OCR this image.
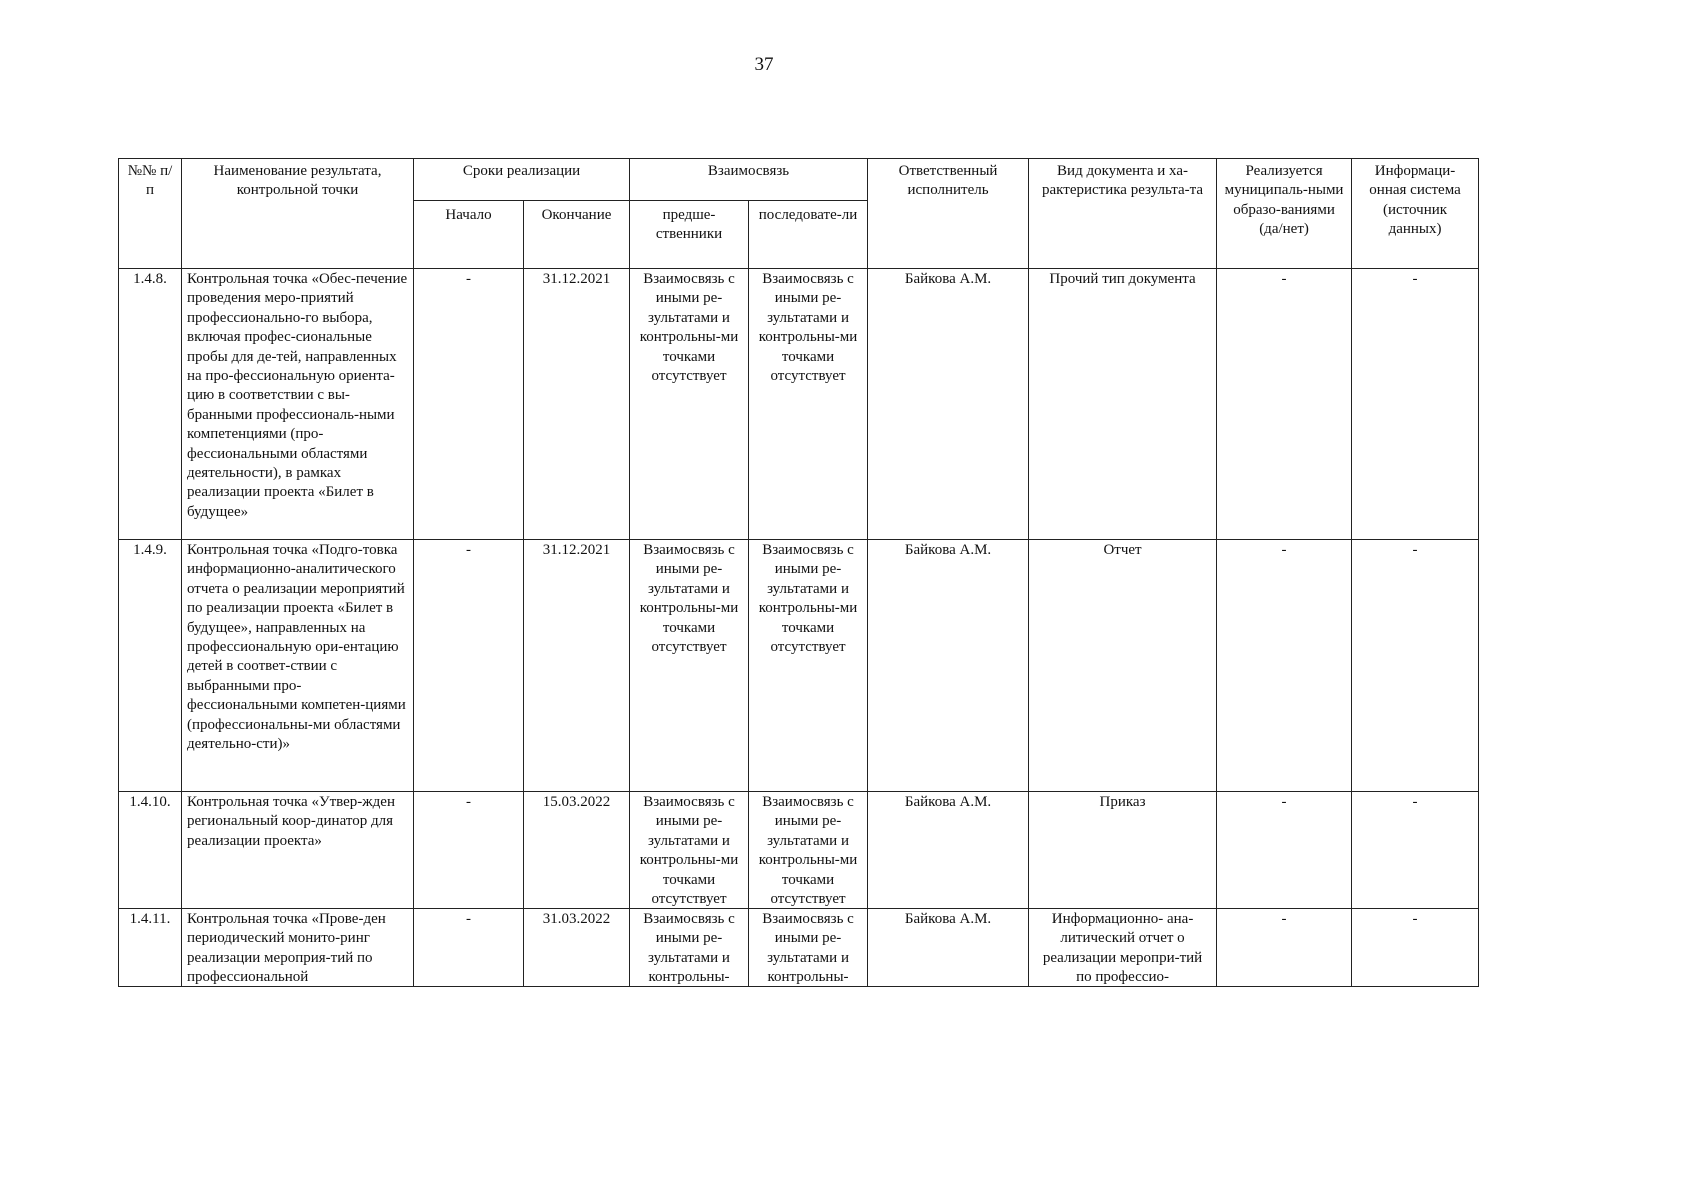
37
№№ п/п	Наименование результата, контрольной точки	Сроки реализации		Взаимосвязь		Ответственный исполнитель	Вид документа и ха-рактеристика результа-та	Реализуется муниципаль-ными образо-ваниями (да/нет)	Информаци-онная система (источник данных)
		Начало	Окончание	предше-ственники	последовате-ли				
1.4.8.	Контрольная точка «Обес-печение проведения меро-приятий профессионально-го выбора, включая профес-сиональные пробы для де-тей, направленных на про-фессиональную ориента-цию в соответствии с вы-бранными профессиональ-ными компетенциями (про-фессиональными областями деятельности), в рамках реализации проекта «Билет в будущее»	-	31.12.2021	Взаимосвязь с иными ре-зультатами и контрольны-ми точками отсутствует	Взаимосвязь с иными ре-зультатами и контрольны-ми точками отсутствует	Байкова А.М.	Прочий тип документа	-	-
1.4.9.	Контрольная точка «Подго-товка информационно-аналитического отчета о реализации мероприятий по реализации проекта «Билет в будущее», направленных на профессиональную ори-ентацию детей в соответ-ствии с выбранными про-фессиональными компетен-циями (профессиональны-ми областями деятельно-сти)»	-	31.12.2021	Взаимосвязь с иными ре-зультатами и контрольны-ми точками отсутствует	Взаимосвязь с иными ре-зультатами и контрольны-ми точками отсутствует	Байкова А.М.	Отчет	-	-
1.4.10.	Контрольная точка «Утвер-жден региональный коор-динатор для реализации проекта»	-	15.03.2022	Взаимосвязь с иными ре-зультатами и контрольны-ми точками отсутствует	Взаимосвязь с иными ре-зультатами и контрольны-ми точками отсутствует	Байкова А.М.	Приказ	-	-

1.4.11.	Контрольная точка «Прове-ден периодический монито-ринг реализации мероприя-тий по профессиональной	-	31.03.2022	Взаимосвязь с иными ре-зультатами и контрольны-	Взаимосвязь с иными ре-зультатами и контрольны-	Байкова А.М.	Информационно- ана-литический отчет о реализации меропри-тий по профессио-	-	-
